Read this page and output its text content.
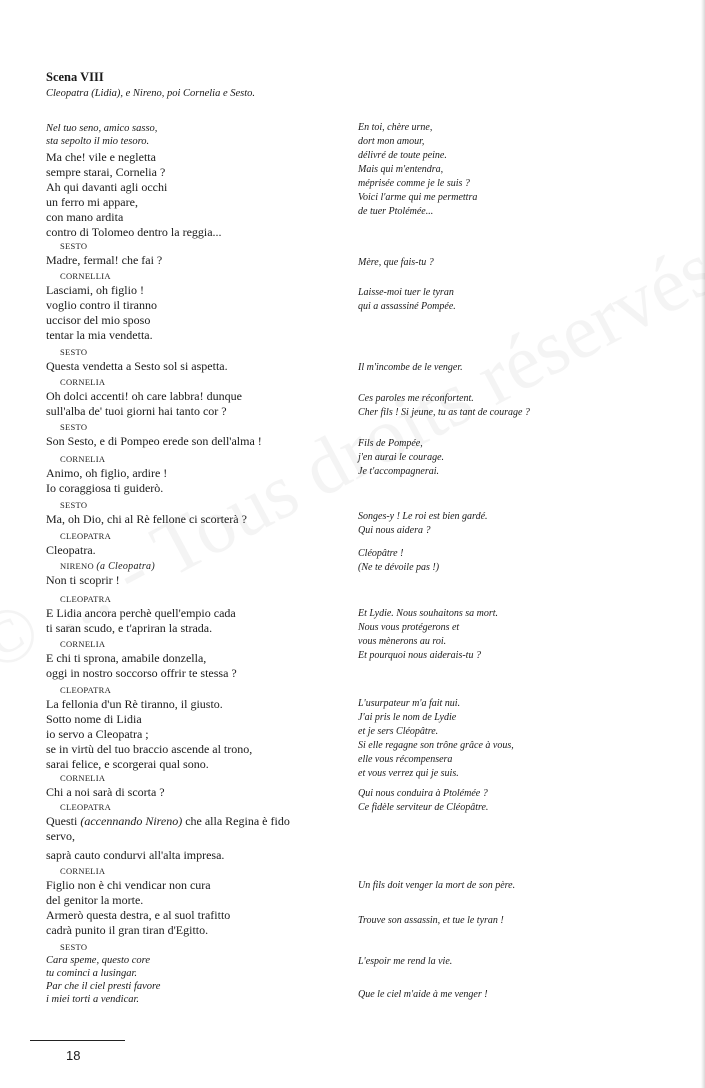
Scena VIII
Cleopatra (Lidia), e Nireno, poi Cornelia e Sesto.
Nel tuo seno, amico sasso,
sta sepolto il mio tesoro.
Ma che! vile e negletta
sempre starai, Cornelia ?
Ah qui davanti agli occhi
un ferro mi appare,
con mano ardita
contro di Tolomeo dentro la reggia...
SESTO
Madre, fermal! che fai ?
CORNELLIA
Lasciami, oh figlio !
voglio contro il tiranno
uccisor del mio sposo
tentar la mia vendetta.
SESTO
Questa vendetta a Sesto sol si aspetta.
CORNELIA
Oh dolci accenti! oh care labbra! dunque
sull'alba de' tuoi giorni hai tanto cor ?
SESTO
Son Sesto, e di Pompeo erede son dell'alma !
CORNELIA
Animo, oh figlio, ardire !
Io coraggiosa ti guiderò.
SESTO
Ma, oh Dio, chi al Rè fellone ci scorterà ?
CLEOPATRA
Cleopatra.
NIRENO (a Cleopatra)
Non ti scoprir !
CLEOPATRA
E Lidia ancora perchè quell'empio cada
ti saran scudo, e t'apriran la strada.
CORNELIA
E chi ti sprona, amabile donzella,
oggi in nostro soccorso offrir te stessa ?
CLEOPATRA
La fellonia d'un Rè tiranno, il giusto.
Sotto nome di Lidia
io servo a Cleopatra ;
se in virtù del tuo braccio ascende al trono,
sarai felice, e scorgerai qual sono.
CORNELIA
Chi a noi sarà di scorta ?
CLEOPATRA
Questi (accennando Nireno) che alla Regina è fido
servo,
saprà cauto condurvi all'alta impresa.
CORNELIA
Figlio non è chi vendicar non cura
del genitor la morte.
Armerò questa destra, e al suol trafitto
cadrà punito il gran tiran d'Egitto.
SESTO
Cara speme, questo core
tu cominci a lusingar.
Par che il ciel presti favore
i miei torti a vendicar.
En toi, chère urne,
dort mon amour,
délivré de toute peine.
Mais qui m'entendra,
méprisée comme je le suis ?
Voici l'arme qui me permettra
de tuer Ptolémée...
Mère, que fais-tu ?
Laisse-moi tuer le tyran
qui a assassiné Pompée.
Il m'incombe de le venger.
Ces paroles me réconfortent.
Cher fils ! Si jeune, tu as tant de courage ?
Fils de Pompée,
j'en aurai le courage.
Je t'accompagnerai.
Songes-y ! Le roi est bien gardé.
Qui nous aidera ?
Cléopâtre !
(Ne te dévoile pas !)
Et Lydie. Nous souhaitons sa mort.
Nous vous protégerons et
vous mènerons au roi.
Et pourquoi nous aiderais-tu ?
L'usurpateur m'a fait nui.
J'ai pris le nom de Lydie
et je sers Cléopâtre.
Si elle regagne son trône grâce à vous,
elle vous récompensera
et vous verrez qui je suis.
Qui nous conduira à Ptolémée ?
Ce fidèle serviteur de Cléopâtre.
Un fils doit venger la mort de son père.
Trouve son assassin, et tue le tyran !
L'espoir me rend la vie.
Que le ciel m'aide à me venger !
18
